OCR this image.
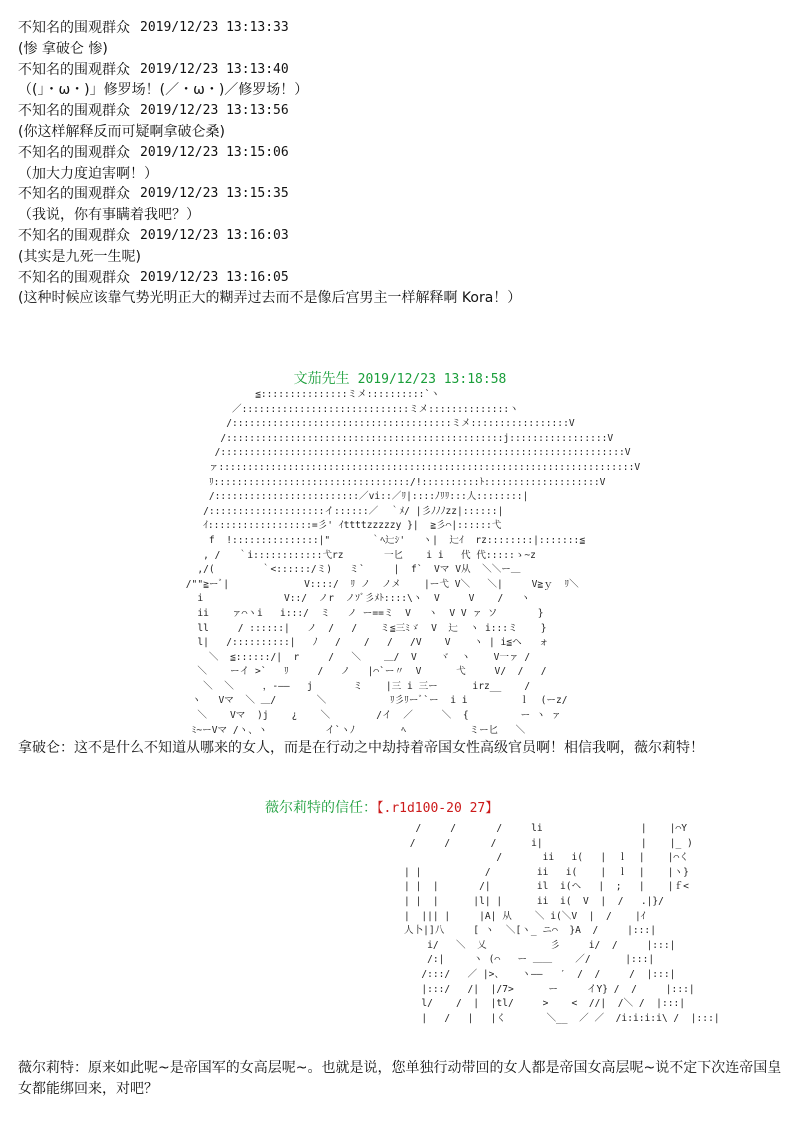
不知名的围观群众 2019/12/23 13:13:33
(惨 拿破仑 惨)
不知名的围观群众 2019/12/23 13:13:40
（(」・ω・)」修罗场！(／・ω・)／修罗场！）
不知名的围观群众 2019/12/23 13:13:56
(你这样解释反而可疑啊拿破仑桑)
不知名的围观群众 2019/12/23 13:15:06
（加大力度迫害啊！）
不知名的围观群众 2019/12/23 13:15:35
（我说，你有事瞒着我吧？）
不知名的围观群众 2019/12/23 13:16:03
(其实是九死一生呢)
不知名的围观群众 2019/12/23 13:16:05
(这种时候应该靠气势光明正大的糊弄过去而不是像后宫男主一样解释啊 Kora！）
文茄先生 2019/12/23 13:18:58
≦:::::::::::::::ミメ::::::::::`ヽ
／:::::::::::::::::::::::::::::ミメ::::::::::::::ヽ
/::::::::::::::::::::::::::::::::::::::ミメ:::::::::::::::::V
/::::::::::::::::::::::::::::::::::::::::::::::::j:::::::::::::::::V
/::::::::::::::::::::::::::::::::::::::::::::::::::::::::::::::::::::::V
ァ::::::::::::::::::::::::::::::::::::::::::::::::::::::::::::::::::::::::V
ﾘ::::::::::::::::::::::::::::::::::/!::::::::::ﾄ::::::::::::::::::::V
/:::::::::::::::::::::::::／vi::／ﾘ|::::ﾉﾘﾘ:::人::::::::|
/::::::::::::::::::::イ::::::／  ｀ﾒ/ |彡ﾉﾉﾉzz|::::::|
ｲ::::::::::::::::::=彡' ｲttttzzzzzy }|  ≧彡⌒|::::::弋
f  !:::::::::::::::|"       ｀ﾍ辷ｼ'   ヽ|  辷ｲ  rz::::::::|:::::::≦
, /   ｀i::::::::::::弋rz       一匕    i i   代 代:::::ゝ~z
,/(        ｀<::::::/ミ)   ミ`     |  f`  Vマ V从  ＼＼ー＿
/""≧ーﾞ|             V::::/  ﾘ ノ  ノメ    |ー弋 V＼   ＼|     V≧ｙ  ﾘ＼
i              V::/  ノr  ノｿﾞ彡ﾒﾄ::::\ヽ  V     V    /   ヽ
ii    ァ⌒ヽi   i:::/  ミ   ノ ー==ミ  V   ヽ  V V ァ ソ       }
ll     / ::::::|   ノ  /   /    ミ≦三ﾐゞ  V  辷  ヽ i:::ミ    }
l|   /::::::::::|   ﾉ   /    /   /   /V    V    ヽ | i≦ヘ   ォ
＼  ≦::::::/|  r     /   ＼    ＿/  V    ヾ  ヽ    V一ァ /
＼    ーイ >`   ﾘ     /   ノ   |⌒`ー〃  V      弋     V/  /   /
＼  ＼     ，-——   j       ミ    |三 i 三ー      irz__    /
ヽ   Vマ  ＼ ＿/       ＼           ﾘ彡ﾘーﾞ`ー  i i         ｌ  (ーz/
＼    Vマ  )j    ¿    ＼        /イ  ／     ＼  {         ー ヽ ァ
ﾐ~ーVマ /ヽ、ヽ          イ`ヽﾉ        ﾍ           ミー匕   ＼
拿破仑：这不是什么不知道从哪来的女人，而是在行动之中劫持着帝国女性高级官员啊！相信我啊，薇尔莉特！
薇尔莉特的信任：【.r1d100-20 27】
/     /       /     li                 |    |⌒Y
/     /       /      i|                 |    |_ )
/       ii   i(   |  ｌ  |    |⌒く
| |           /        ii   i(    |  ｌ  |    |ヽ}
| |  |       /|        il  i(ヘ   |  ;   |    |ｆ<
| |  |      |l| |      ii  i(  V  |  /   .|}/
|  ||| |     |A| 从    ＼ i(＼V  |  /    |ｲ
人卜|]八     [ ヽ  ＼[ヽ_ ニ⌒  }A  /     |:::|
i/   ＼  乂           彡     i/  /     |:::|
/:|     ヽ (⌒   ー ＿＿    ／/      |:::|
/:::/   ／ |>、   ヽ——   ′  /  /     /  |:::|
|:::/   /|  |/7>      ー     イY} /  /     |:::|
l/    /  |  |tl/     >    <  //|  /＼ /  |:::|
|   /   |   |く       ＼__  ／ ／  /i:i:i:i\ /  |:::|
薇尔莉特：原来如此呢~是帝国军的女高层呢~。也就是说，您单独行动带回的女人都是帝国女高层呢~说不定下次连帝国皇女都能绑回来，对吧？
